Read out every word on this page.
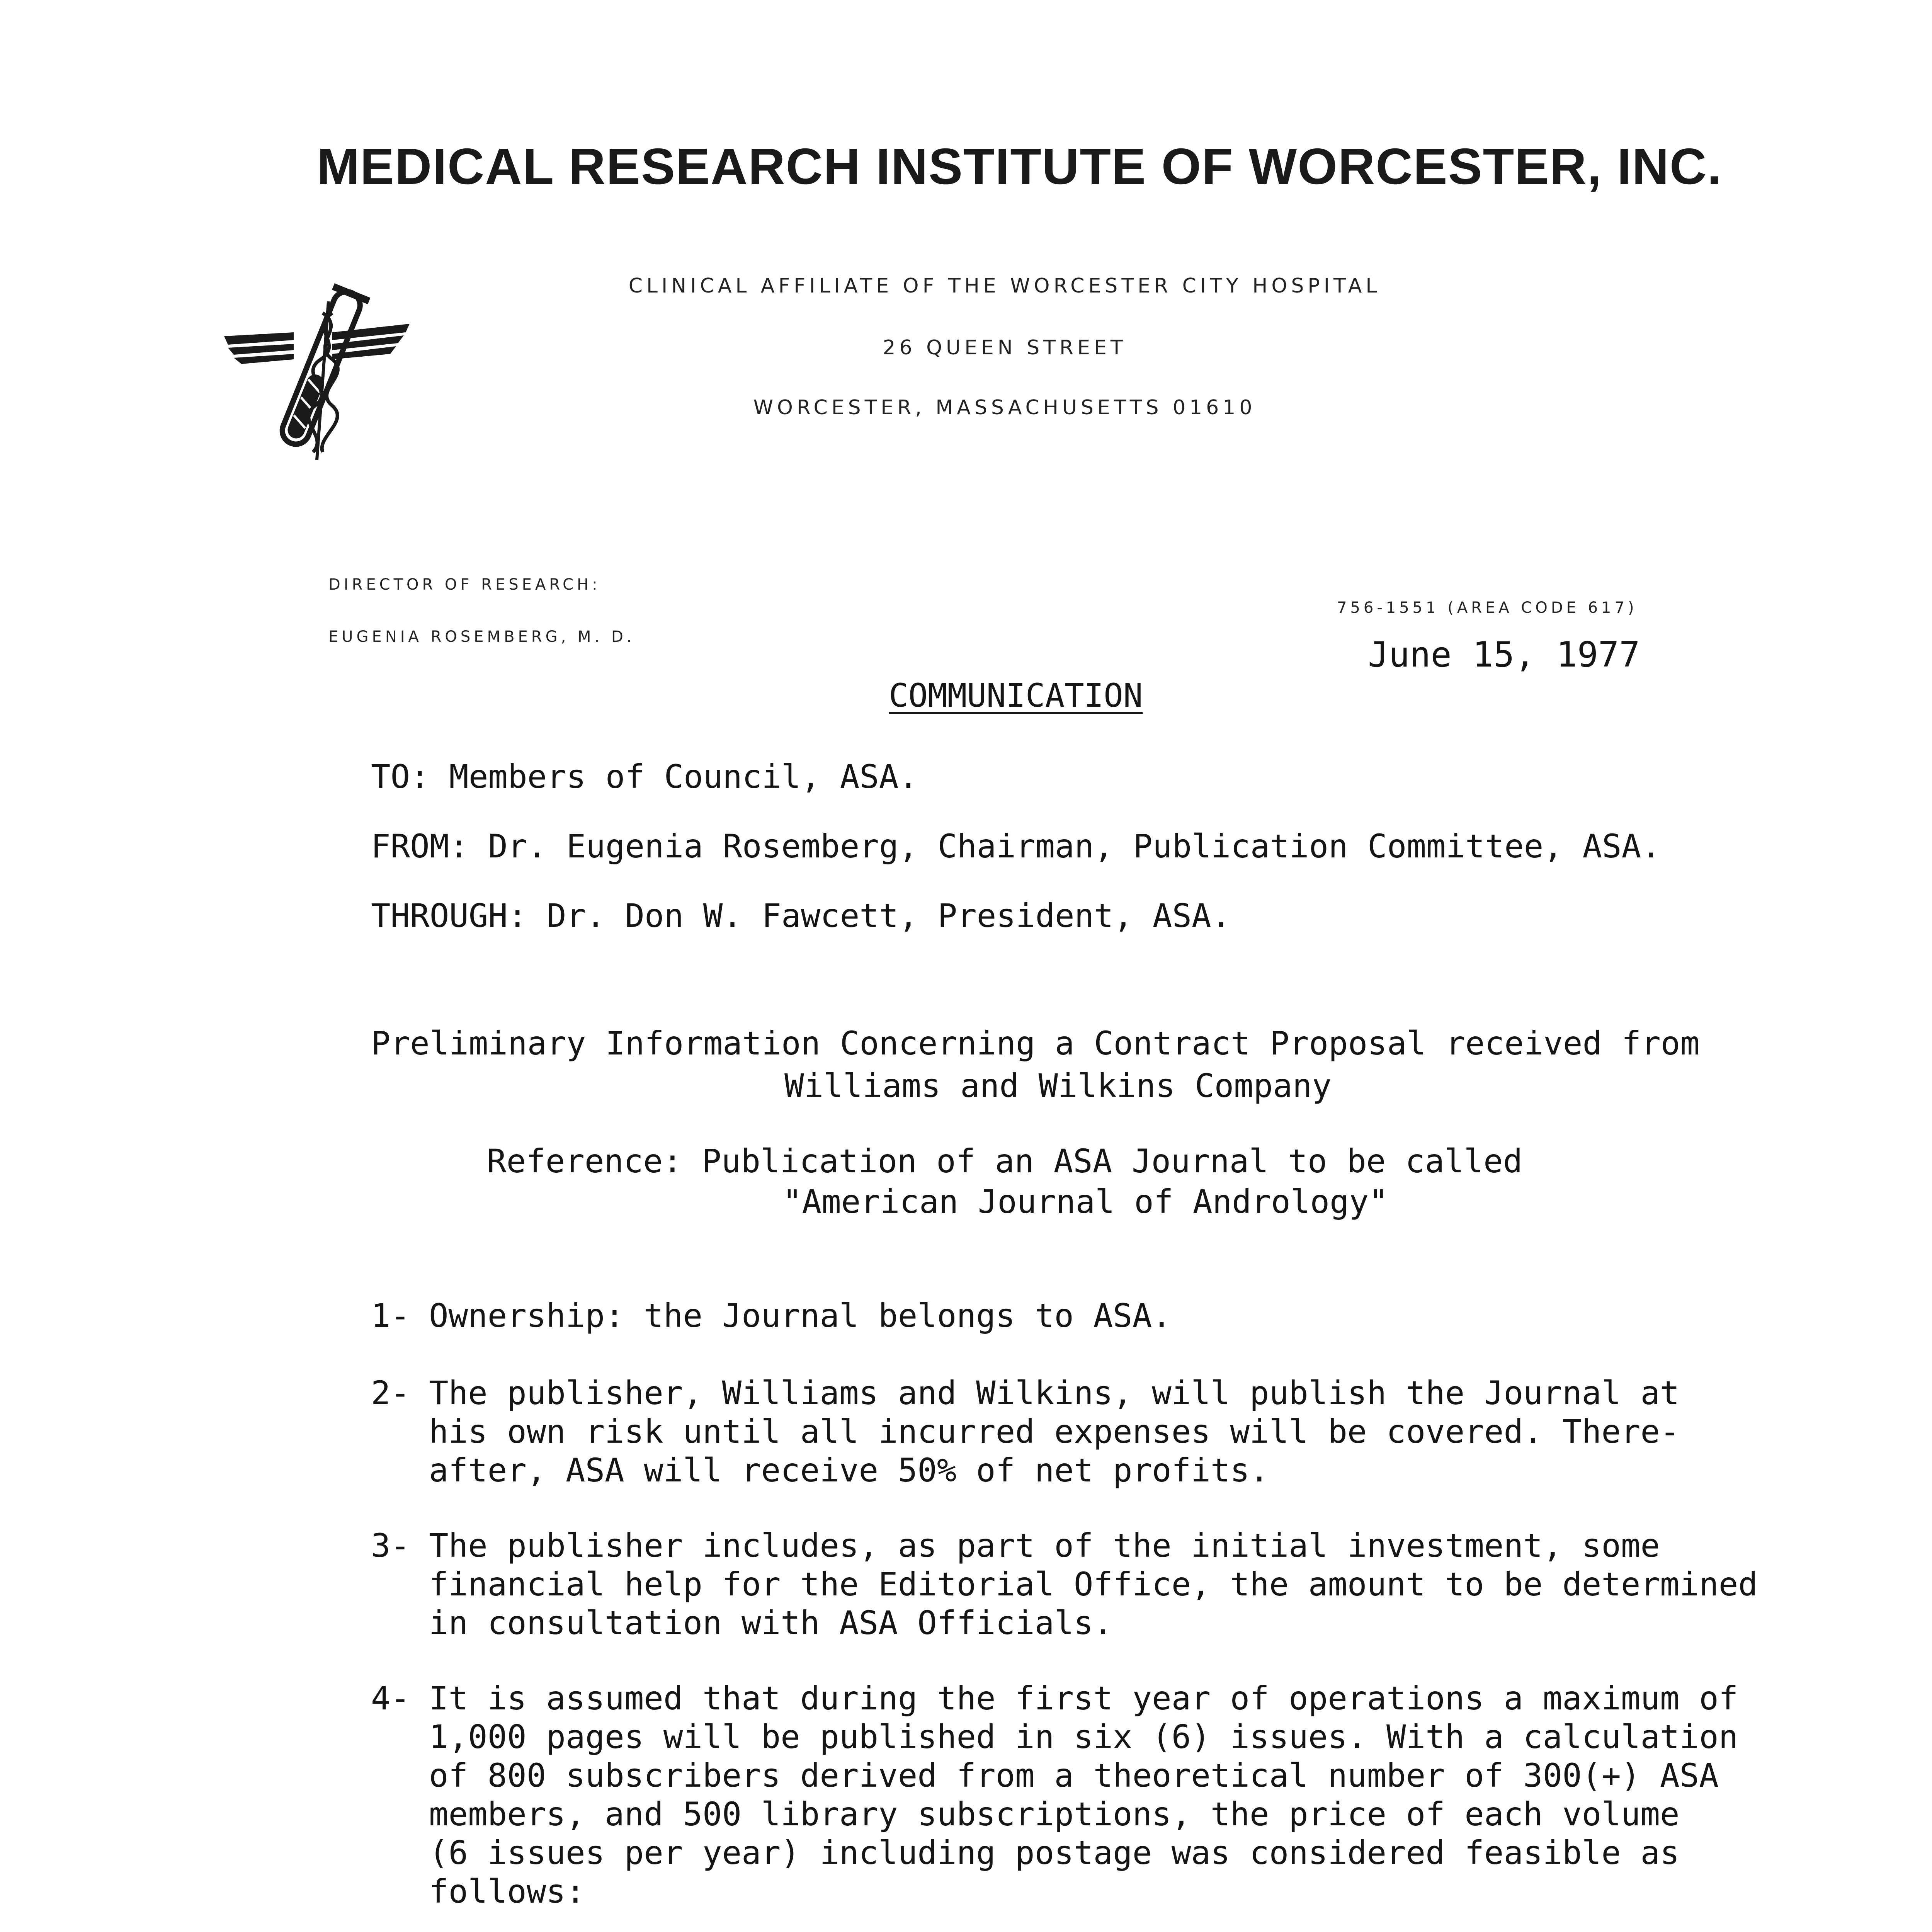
MEDICAL RESEARCH INSTITUTE OF WORCESTER, INC.
CLINICAL AFFILIATE OF THE WORCESTER CITY HOSPITAL
26 QUEEN STREET
WORCESTER, MASSACHUSETTS 01610
DIRECTOR OF RESEARCH:
EUGENIA ROSEMBERG, M. D.
756-1551 (AREA CODE 617)
June 15, 1977
COMMUNICATION
TO: Members of Council, ASA.
FROM: Dr. Eugenia Rosemberg, Chairman, Publication Committee, ASA.
THROUGH: Dr. Don W. Fawcett, President, ASA.
Preliminary Information Concerning a Contract Proposal received from
Williams and Wilkins Company
Reference: Publication of an ASA Journal to be called
"American Journal of Andrology"
1- Ownership: the Journal belongs to ASA.
2- The publisher, Williams and Wilkins, will publish the Journal at
his own risk until all incurred expenses will be covered. There-
after, ASA will receive 50% of net profits.
3- The publisher includes, as part of the initial investment, some
financial help for the Editorial Office, the amount to be determined
in consultation with ASA Officials.
4- It is assumed that during the first year of operations a maximum of
1,000 pages will be published in six (6) issues. With a calculation
of 800 subscribers derived from a theoretical number of 300(+) ASA
members, and 500 library subscriptions, the price of each volume
(6 issues per year) including postage was considered feasible as
follows:
